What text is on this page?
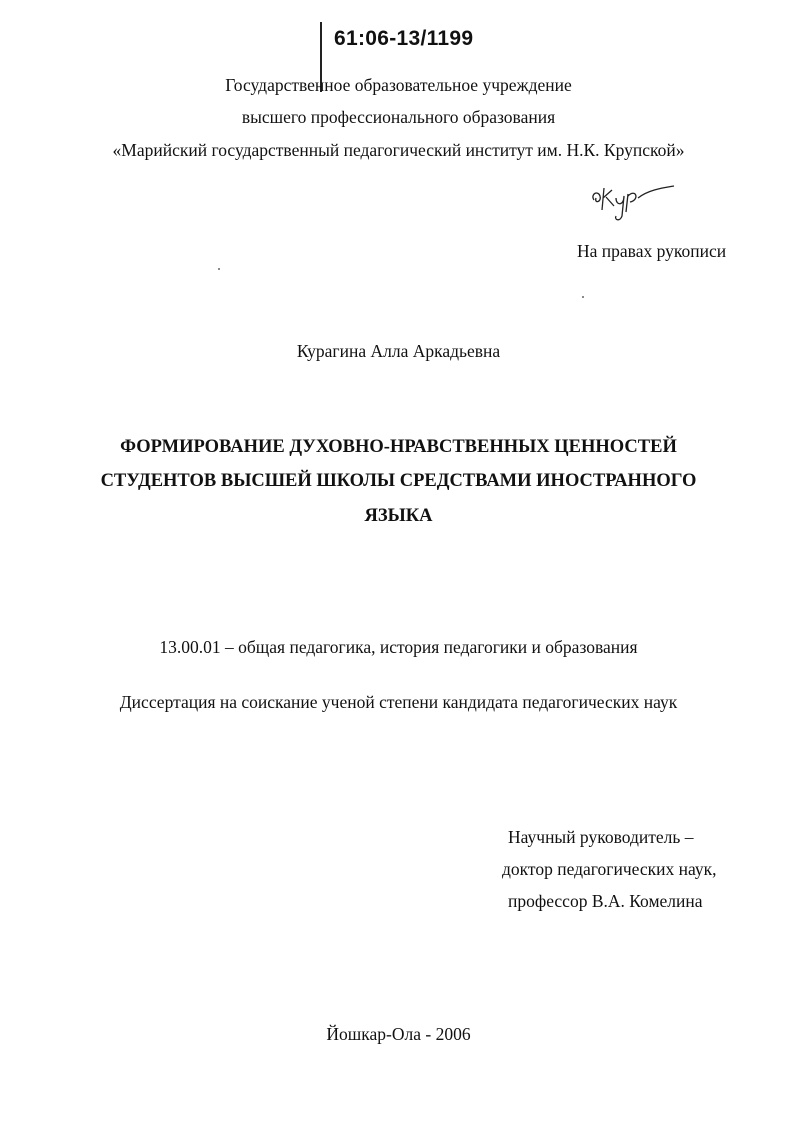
61:06-13/1199
Государственное образовательное учреждение
высшего профессионального образования
«Марийский государственный педагогический институт им. Н.К. Крупской»
На правах рукописи
Курагина Алла Аркадьевна
ФОРМИРОВАНИЕ ДУХОВНО-НРАВСТВЕННЫХ ЦЕННОСТЕЙ
СТУДЕНТОВ ВЫСШЕЙ ШКОЛЫ СРЕДСТВАМИ ИНОСТРАННОГО
ЯЗЫКА
13.00.01 – общая педагогика, история педагогики и образования
Диссертация на соискание ученой степени кандидата педагогических наук
Научный руководитель –
доктор педагогических наук,
профессор В.А. Комелина
Йошкар-Ола - 2006
